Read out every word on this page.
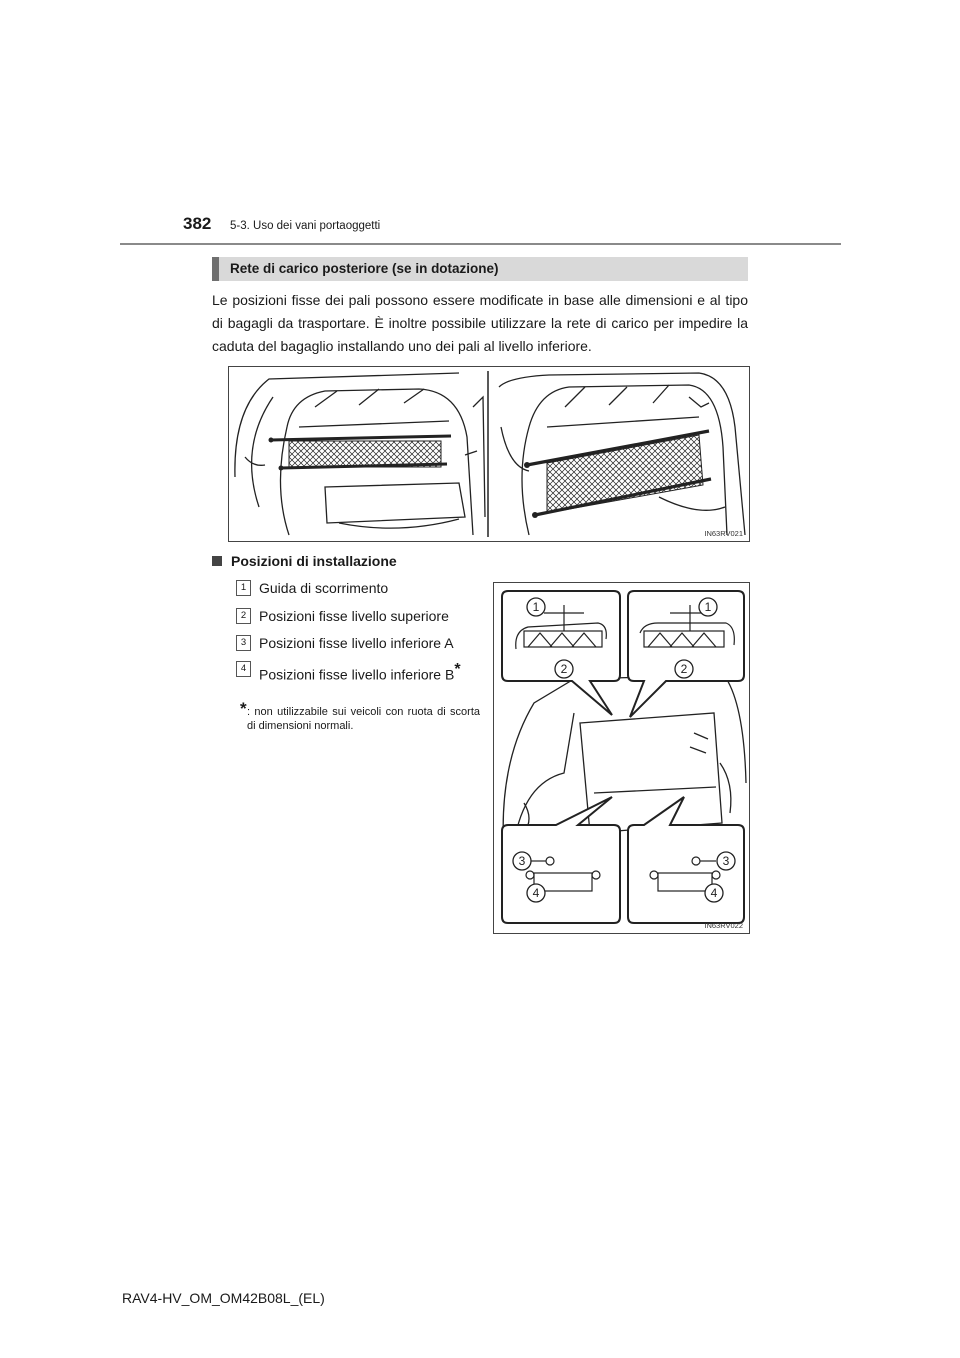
382 5-3. Uso dei vani portaoggetti
Rete di carico posteriore (se in dotazione)
Le posizioni fisse dei pali possono essere modificate in base alle dimensioni e al tipo di bagagli da trasportare. È inoltre possibile utilizzare la rete di carico per impedire la caduta del bagaglio installando uno dei pali al livello inferiore.
IN63RV021
Posizioni di installazione
1 Guida di scorrimento
2 Posizioni fisse livello superiore
3 Posizioni fisse livello inferiore A
4 Posizioni fisse livello inferiore B*
* : non utilizzabile sui veicoli con ruota di scorta di dimensioni normali.
1
2
1
2
3
4
3
4
IN63RV022
RAV4-HV_OM_OM42B08L_(EL)
